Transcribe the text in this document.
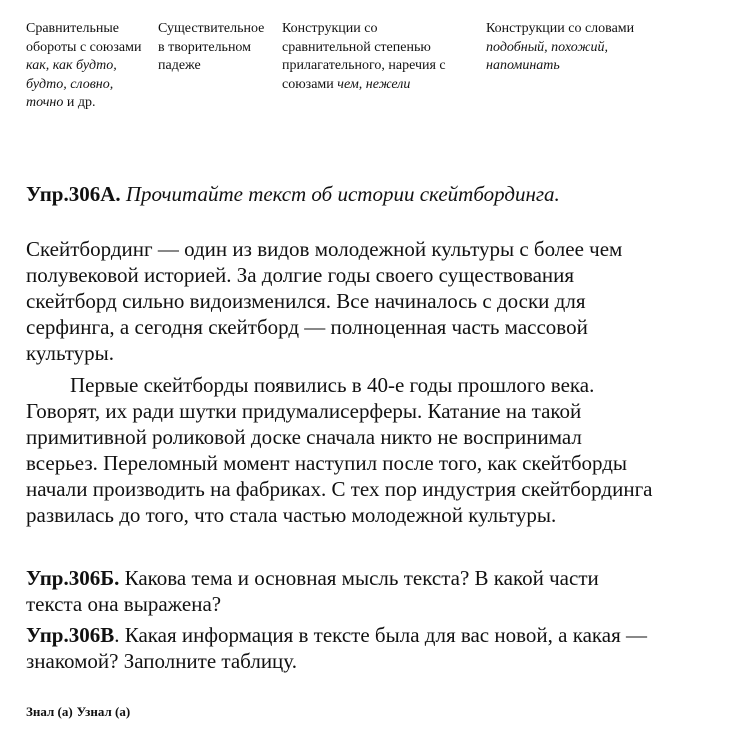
Сравнительные обороты с союзами как, как будто, будто, словно, точно и др.
Существительное в творительном падеже
Конструкции со сравнительной степенью прилагательного, наречия с союзами чем, нежели
Конструкции со словами подобный, похожий, напоминать
Упр.306А. Прочитайте текст об истории скейтбординга.
Скейтбординг — один из видов молодежной культуры с более чем
полувековой историей. За долгие годы своего существования
скейтборд сильно видоизменился. Все начиналось с доски для
серфинга, а сегодня скейтборд — полноценная часть массовой
культуры.
Первые скейтборды появились в 40-е годы прошлого века.
Говорят, их ради шутки придумалисерферы. Катание на такой
примитивной роликовой доске сначала никто не воспринимал
всерьез. Переломный момент наступил после того, как скейтборды
начали производить на фабриках. С тех пор индустрия скейтбординга
развилась до того, что стала частью молодежной культуры.
Упр.306Б. Какова тема и основная мысль текста? В какой части
текста она выражена?
Упр.306В. Какая информация в тексте была для вас новой, а какая —
знакомой? Заполните таблицу.
Знал (а) Узнал (а)
